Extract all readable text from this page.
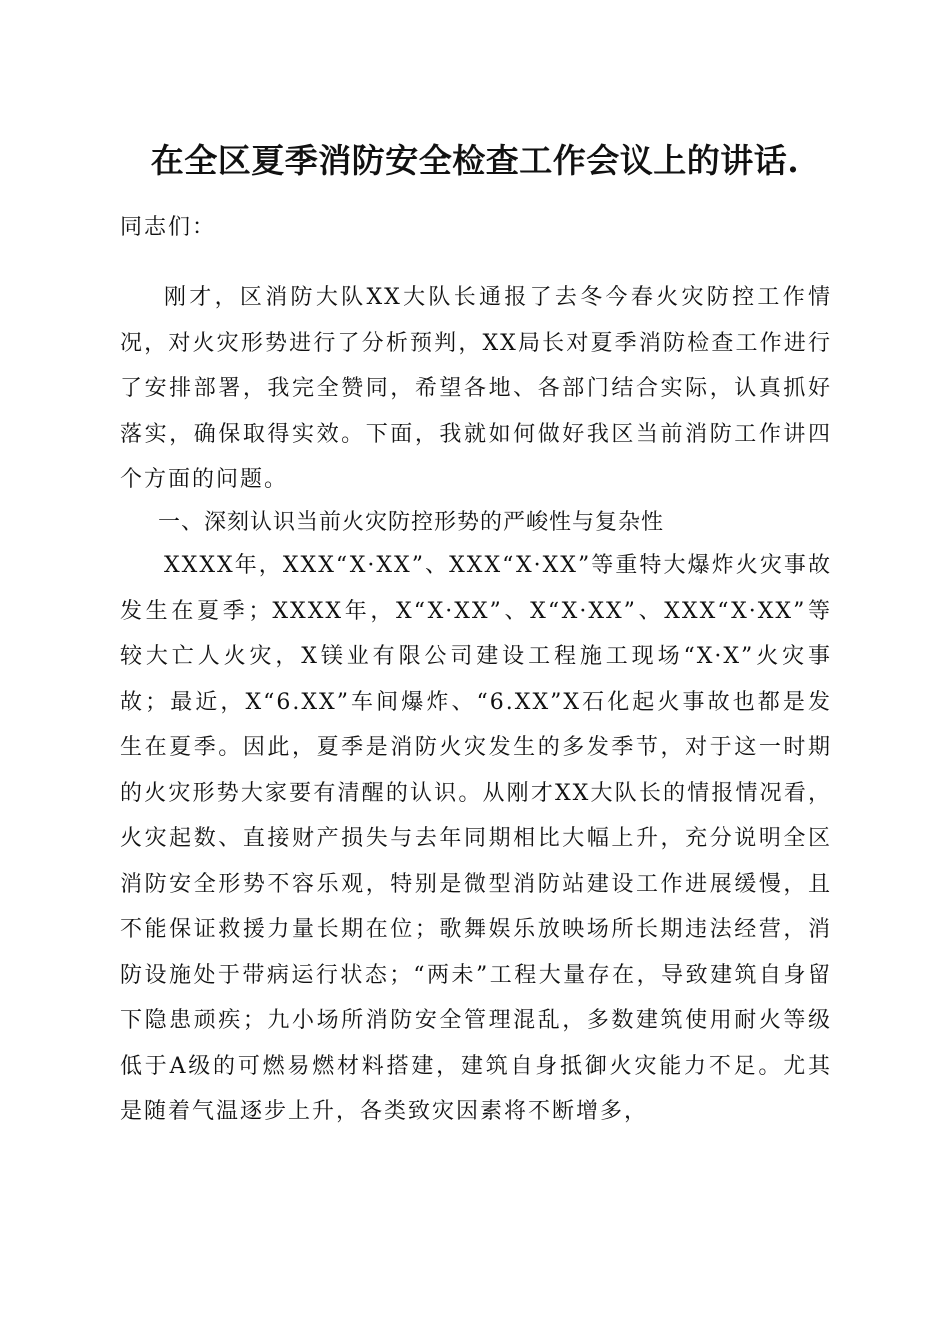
在全区夏季消防安全检查工作会议上的讲话.
同志们：
刚才，区消防大队XX大队长通报了去冬今春火灾防控工作情况，对火灾形势进行了分析预判，XX局长对夏季消防检查工作进行了安排部署，我完全赞同，希望各地、各部门结合实际，认真抓好落实，确保取得实效。下面，我就如何做好我区当前消防工作讲四个方面的问题。
一、深刻认识当前火灾防控形势的严峻性与复杂性
XXXX年，XXX“X·XX”、XXX“X·XX”等重特大爆炸火灾事故发生在夏季；XXXX年，X“X·XX”、X“X·XX”、XXX“X·XX”等较大亡人火灾，X镁业有限公司建设工程施工现场“X·X”火灾事故；最近，X“6.XX”车间爆炸、“6.XX”X石化起火事故也都是发生在夏季。因此，夏季是消防火灾发生的多发季节，对于这一时期的火灾形势大家要有清醒的认识。从刚才XX大队长的情报情况看，火灾起数、直接财产损失与去年同期相比大幅上升，充分说明全区消防安全形势不容乐观，特别是微型消防站建设工作进展缓慢，且不能保证救援力量长期在位；歌舞娱乐放映场所长期违法经营，消防设施处于带病运行状态；“两未”工程大量存在，导致建筑自身留下隐患顽疾；九小场所消防安全管理混乱，多数建筑使用耐火等级低于A级的可燃易燃材料搭建，建筑自身抵御火灾能力不足。尤其是随着气温逐步上升，各类致灾因素将不断增多，
